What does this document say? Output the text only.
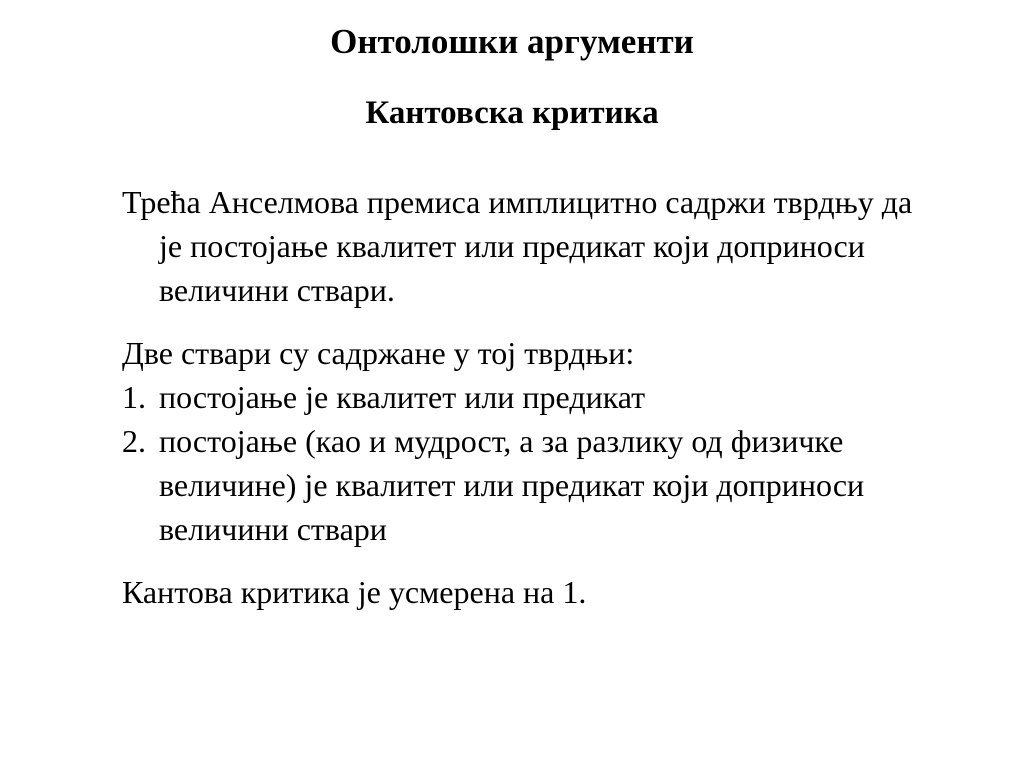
Онтолошки аргументи
Кантовска критика

Трећа Анселмова премиса имплицитно садржи тврдњу да је постојање квалитет или предикат који доприноси величини ствари.

Две ствари су садржане у тој тврдњи:

1. постојање је квалитет или предикат
2. постојање (као и мудрост, а за разлику од физичке величине) је квалитет или предикат који доприноси величини ствари

Кантова критика је усмерена на 1.
